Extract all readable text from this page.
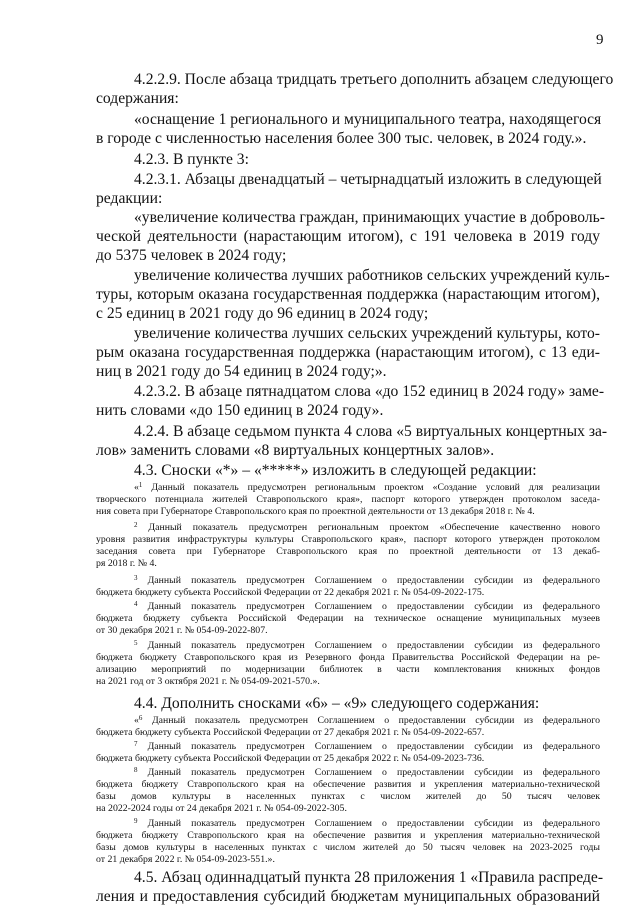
9
4.2.2.9. После абзаца тридцать третьего дополнить абзацем следующего
содержания:
«оснащение 1 регионального и муниципального театра, находящегося
в городе с численностью населения более 300 тыс. человек, в 2024 году.».
4.2.3. В пункте 3:
4.2.3.1. Абзацы двенадцатый – четырнадцатый изложить в следующей
редакции:
«увеличение количества граждан, принимающих участие в доброволь-
ческой деятельности (нарастающим итогом), с 191 человека в 2019 году
до 5375 человек в 2024 году;
увеличение количества лучших работников сельских учреждений куль-
туры, которым оказана государственная поддержка (нарастающим итогом),
с 25 единиц в 2021 году до 96 единиц в 2024 году;
увеличение количества лучших сельских учреждений культуры, кото-
рым оказана государственная поддержка (нарастающим итогом), с 13 еди-
ниц в 2021 году до 54 единиц в 2024 году;».
4.2.3.2. В абзаце пятнадцатом слова «до 152 единиц в 2024 году» заме-
нить словами «до 150 единиц в 2024 году».
4.2.4. В абзаце седьмом пункта 4 слова «5 виртуальных концертных за-
лов» заменить словами «8 виртуальных концертных залов».
4.3. Сноски «*» – «*****» изложить в следующей редакции:
«$^1$ Данный показатель предусмотрен региональным проектом «Создание условий для реализации
творческого потенциала жителей Ставропольского края», паспорт которого утвержден протоколом заседа-
ния совета при Губернаторе Ставропольского края по проектной деятельности от 13 декабря 2018 г. № 4.
$^2$ Данный показатель предусмотрен региональным проектом «Обеспечение качественно нового
уровня развития инфраструктуры культуры Ставропольского края», паспорт которого утвержден протоколом
заседания совета при Губернаторе Ставропольского края по проектной деятельности от 13 декаб-
ря 2018 г. № 4.
$^3$ Данный показатель предусмотрен Соглашением о предоставлении субсидии из федерального
бюджета бюджету субъекта Российской Федерации от 22 декабря 2021 г. № 054-09-2022-175.
$^4$ Данный показатель предусмотрен Соглашением о предоставлении субсидии из федерального
бюджета бюджету субъекта Российской Федерации на техническое оснащение муниципальных музеев
от 30 декабря 2021 г. № 054-09-2022-807.
$^5$ Данный показатель предусмотрен Соглашением о предоставлении субсидии из федерального
бюджета бюджету Ставропольского края из Резервного фонда Правительства Российской Федерации на ре-
ализацию мероприятий по модернизации библиотек в части комплектования книжных фондов
на 2021 год от 3 октября 2021 г. № 054-09-2021-570.».
4.4. Дополнить сносками «6» – «9» следующего содержания:
«$^6$ Данный показатель предусмотрен Соглашением о предоставлении субсидии из федерального
бюджета бюджету субъекта Российской Федерации от 27 декабря 2021 г. № 054-09-2022-657.
$^7$ Данный показатель предусмотрен Соглашением о предоставлении субсидии из федерального
бюджета бюджету субъекта Российской Федерации от 25 декабря 2022 г. № 054-09-2023-736.
$^8$ Данный показатель предусмотрен Соглашением о предоставлении субсидии из федерального
бюджета бюджету Ставропольского края на обеспечение развития и укрепления материально-технической
базы домов культуры в населенных пунктах с числом жителей до 50 тысяч человек
на 2022-2024 годы от 24 декабря 2021 г. № 054-09-2022-305.
$^9$ Данный показатель предусмотрен Соглашением о предоставлении субсидии из федерального
бюджета бюджету Ставропольского края на обеспечение развития и укрепления материально-технической
базы домов культуры в населенных пунктах с числом жителей до 50 тысяч человек на 2023-2025 годы
от 21 декабря 2022 г. № 054-09-2023-551.».
4.5. Абзац одиннадцатый пункта 28 приложения 1 «Правила распреде-
ления и предоставления субсидий бюджетам муниципальных образований
